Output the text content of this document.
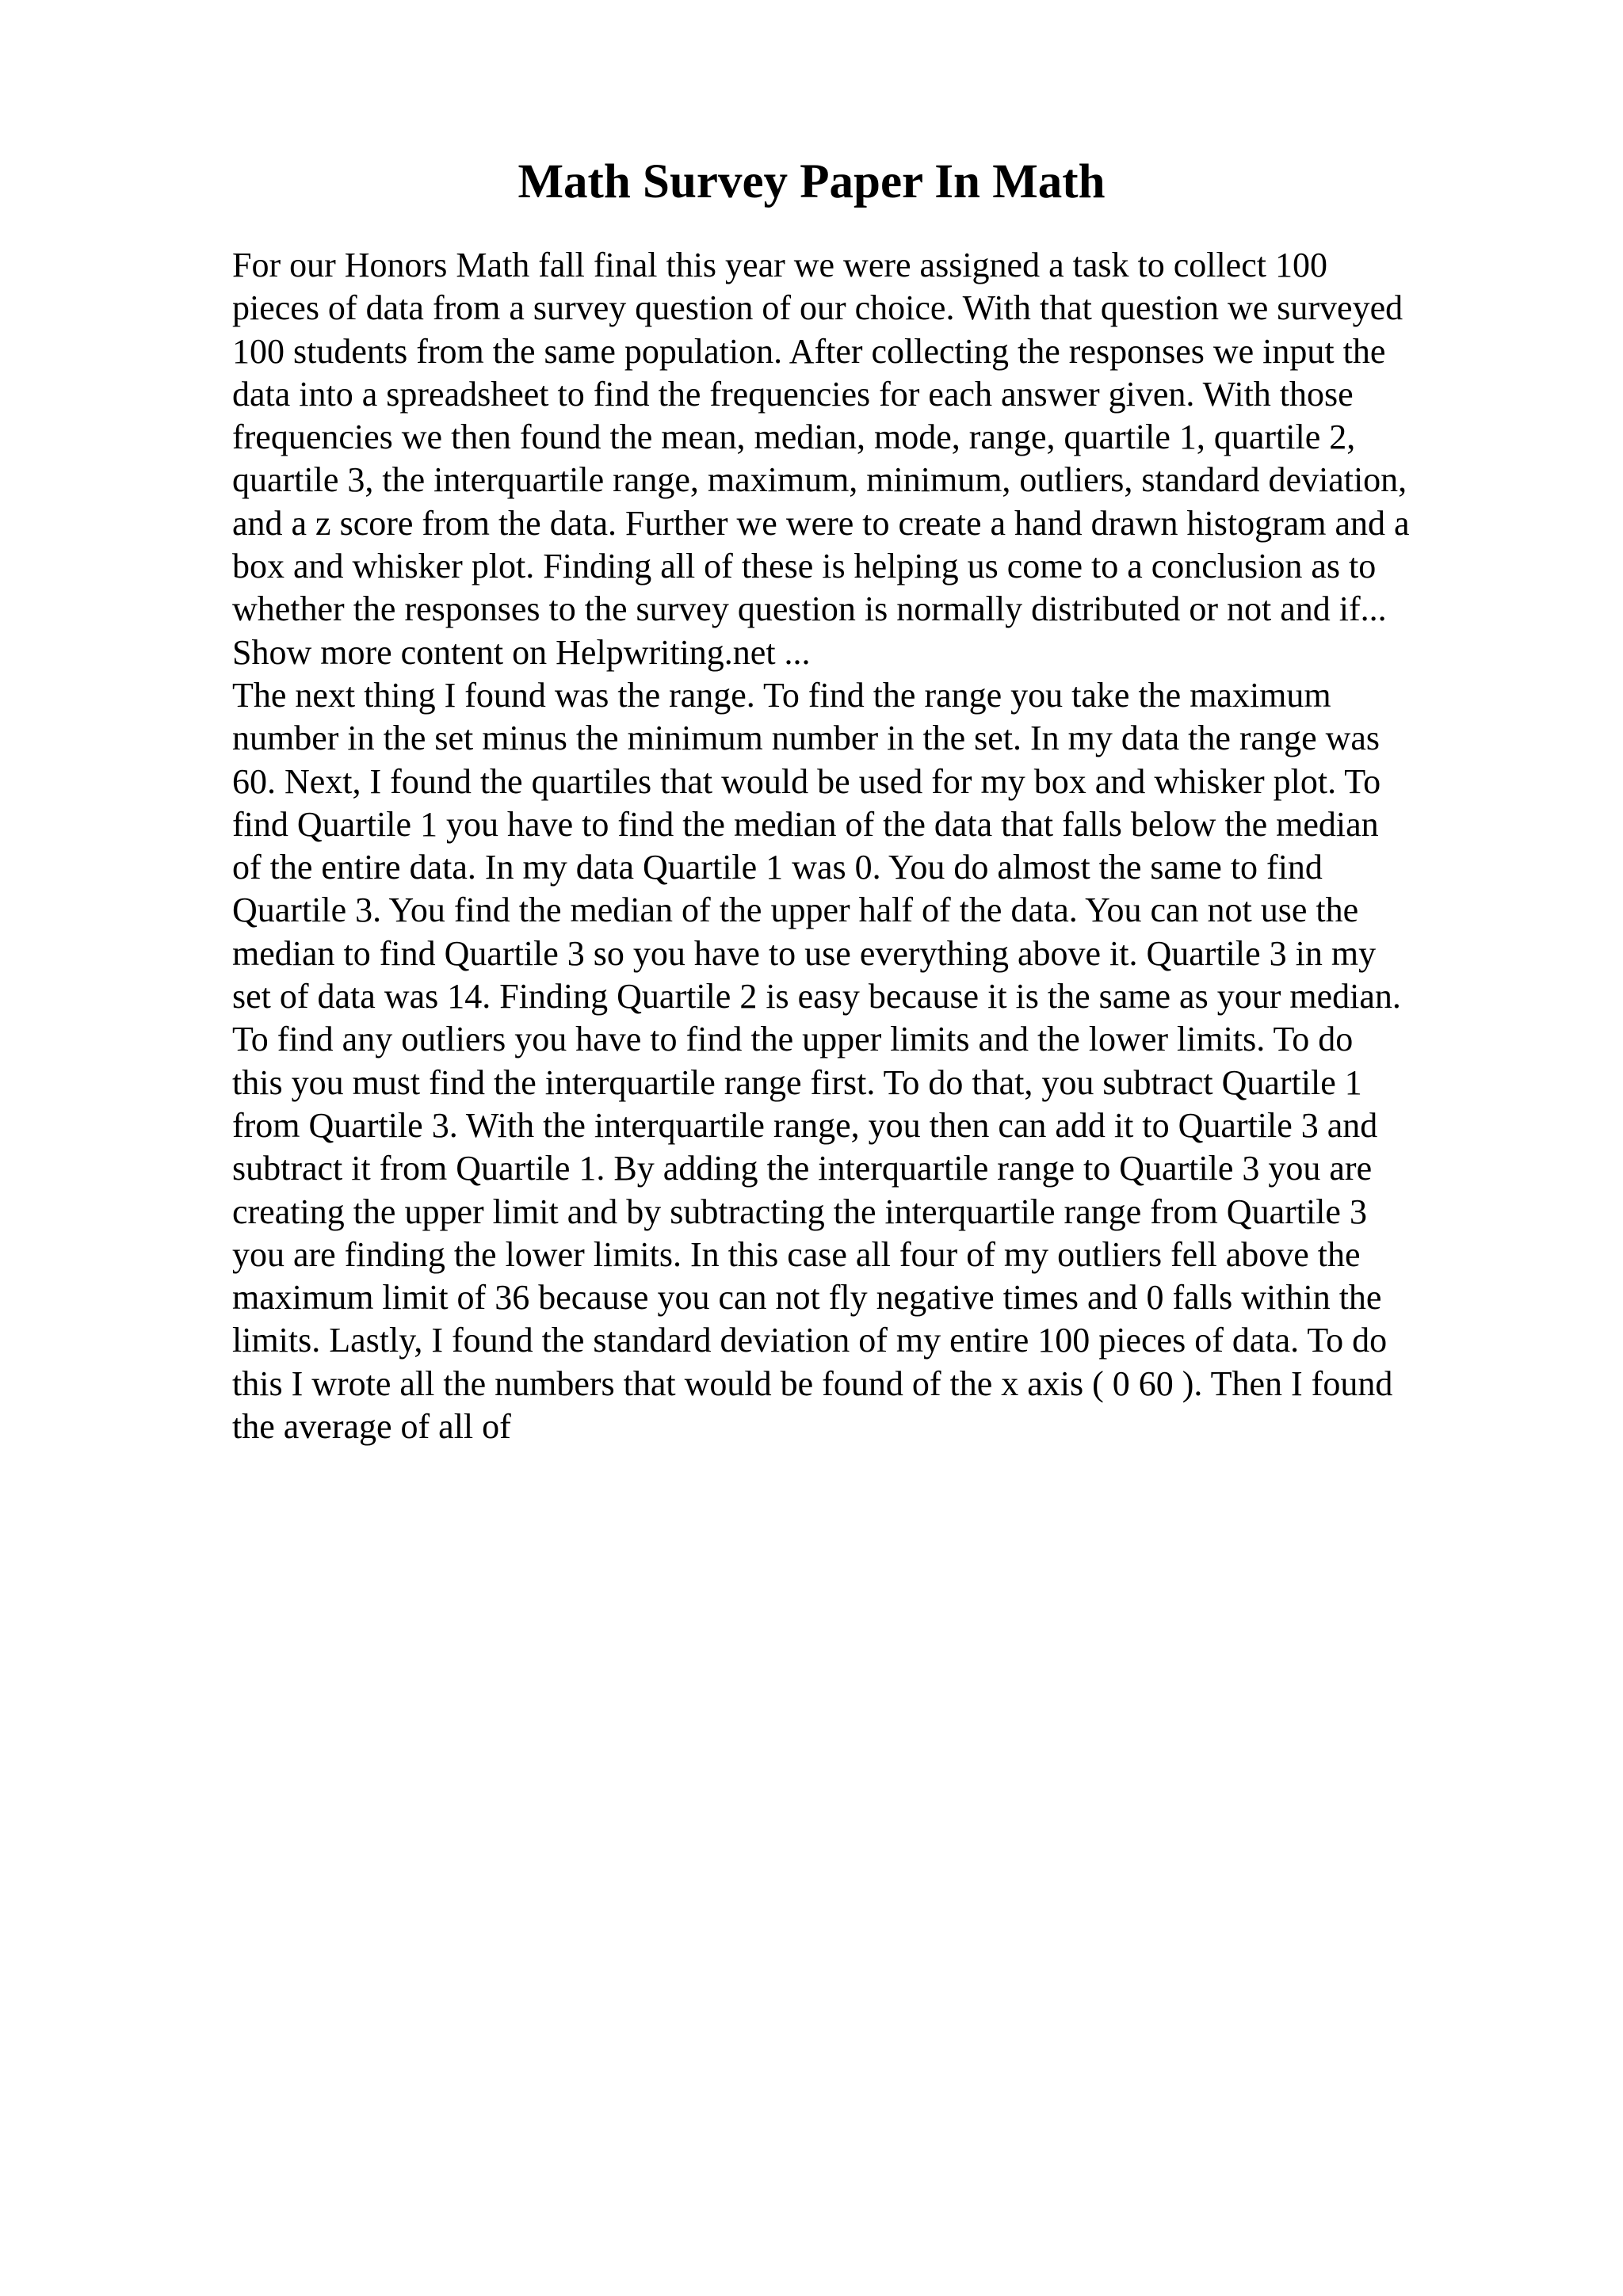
Math Survey Paper In Math
For our Honors Math fall final this year we were assigned a task to collect 100
pieces of data from a survey question of our choice. With that question we surveyed
100 students from the same population. After collecting the responses we input the
data into a spreadsheet to find the frequencies for each answer given. With those
frequencies we then found the mean, median, mode, range, quartile 1, quartile 2,
quartile 3, the interquartile range, maximum, minimum, outliers, standard deviation,
and a z score from the data. Further we were to create a hand drawn histogram and a
box and whisker plot. Finding all of these is helping us come to a conclusion as to
whether the responses to the survey question is normally distributed or not and if...
Show more content on Helpwriting.net ...
The next thing I found was the range. To find the range you take the maximum
number in the set minus the minimum number in the set. In my data the range was
60. Next, I found the quartiles that would be used for my box and whisker plot. To
find Quartile 1 you have to find the median of the data that falls below the median
of the entire data. In my data Quartile 1 was 0. You do almost the same to find
Quartile 3. You find the median of the upper half of the data. You can not use the
median to find Quartile 3 so you have to use everything above it. Quartile 3 in my
set of data was 14. Finding Quartile 2 is easy because it is the same as your median.
To find any outliers you have to find the upper limits and the lower limits. To do
this you must find the interquartile range first. To do that, you subtract Quartile 1
from Quartile 3. With the interquartile range, you then can add it to Quartile 3 and
subtract it from Quartile 1. By adding the interquartile range to Quartile 3 you are
creating the upper limit and by subtracting the interquartile range from Quartile 3
you are finding the lower limits. In this case all four of my outliers fell above the
maximum limit of 36 because you can not fly negative times and 0 falls within the
limits. Lastly, I found the standard deviation of my entire 100 pieces of data. To do
this I wrote all the numbers that would be found of the x axis ( 0 60 ). Then I found
the average of all of
